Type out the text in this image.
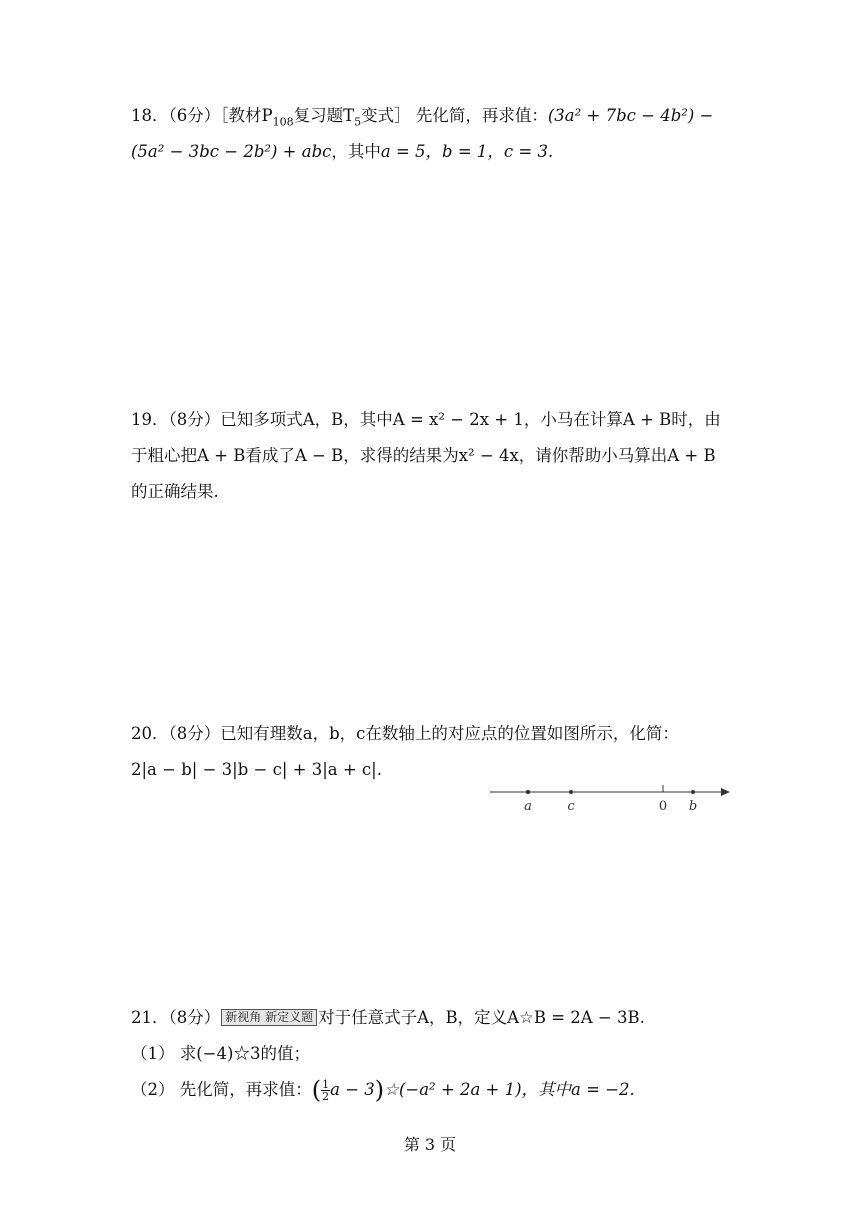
18．（6分）［教材$P_{108}$复习题$T_5$变式］ 先化简，再求值：(3a² + 7bc − 4b²) −
(5a² − 3bc − 2b²) + abc，其中a = 5，b = 1，c = 3.
19．（8分）已知多项式A，B，其中A = x² − 2x + 1，小马在计算A + B时，由
于粗心把A + B看成了A − B，求得的结果为x² − 4x，请你帮助小马算出A + B
的正确结果.
20．（8分）已知有理数a，b，c在数轴上的对应点的位置如图所示，化简：
2|a − b| − 3|b − c| + 3|a + c|.
a	c	0 b
21．（8分） 新视角 新定义题 对于任意式子A，B，定义A☆B = 2A − 3B.
（1） 求(−4)☆3的值；
（2） 先化简，再求值：( $\frac{1}{2}$ a − 3)☆(−a² + 2a + 1)，其中a = −2.
第 3 页
